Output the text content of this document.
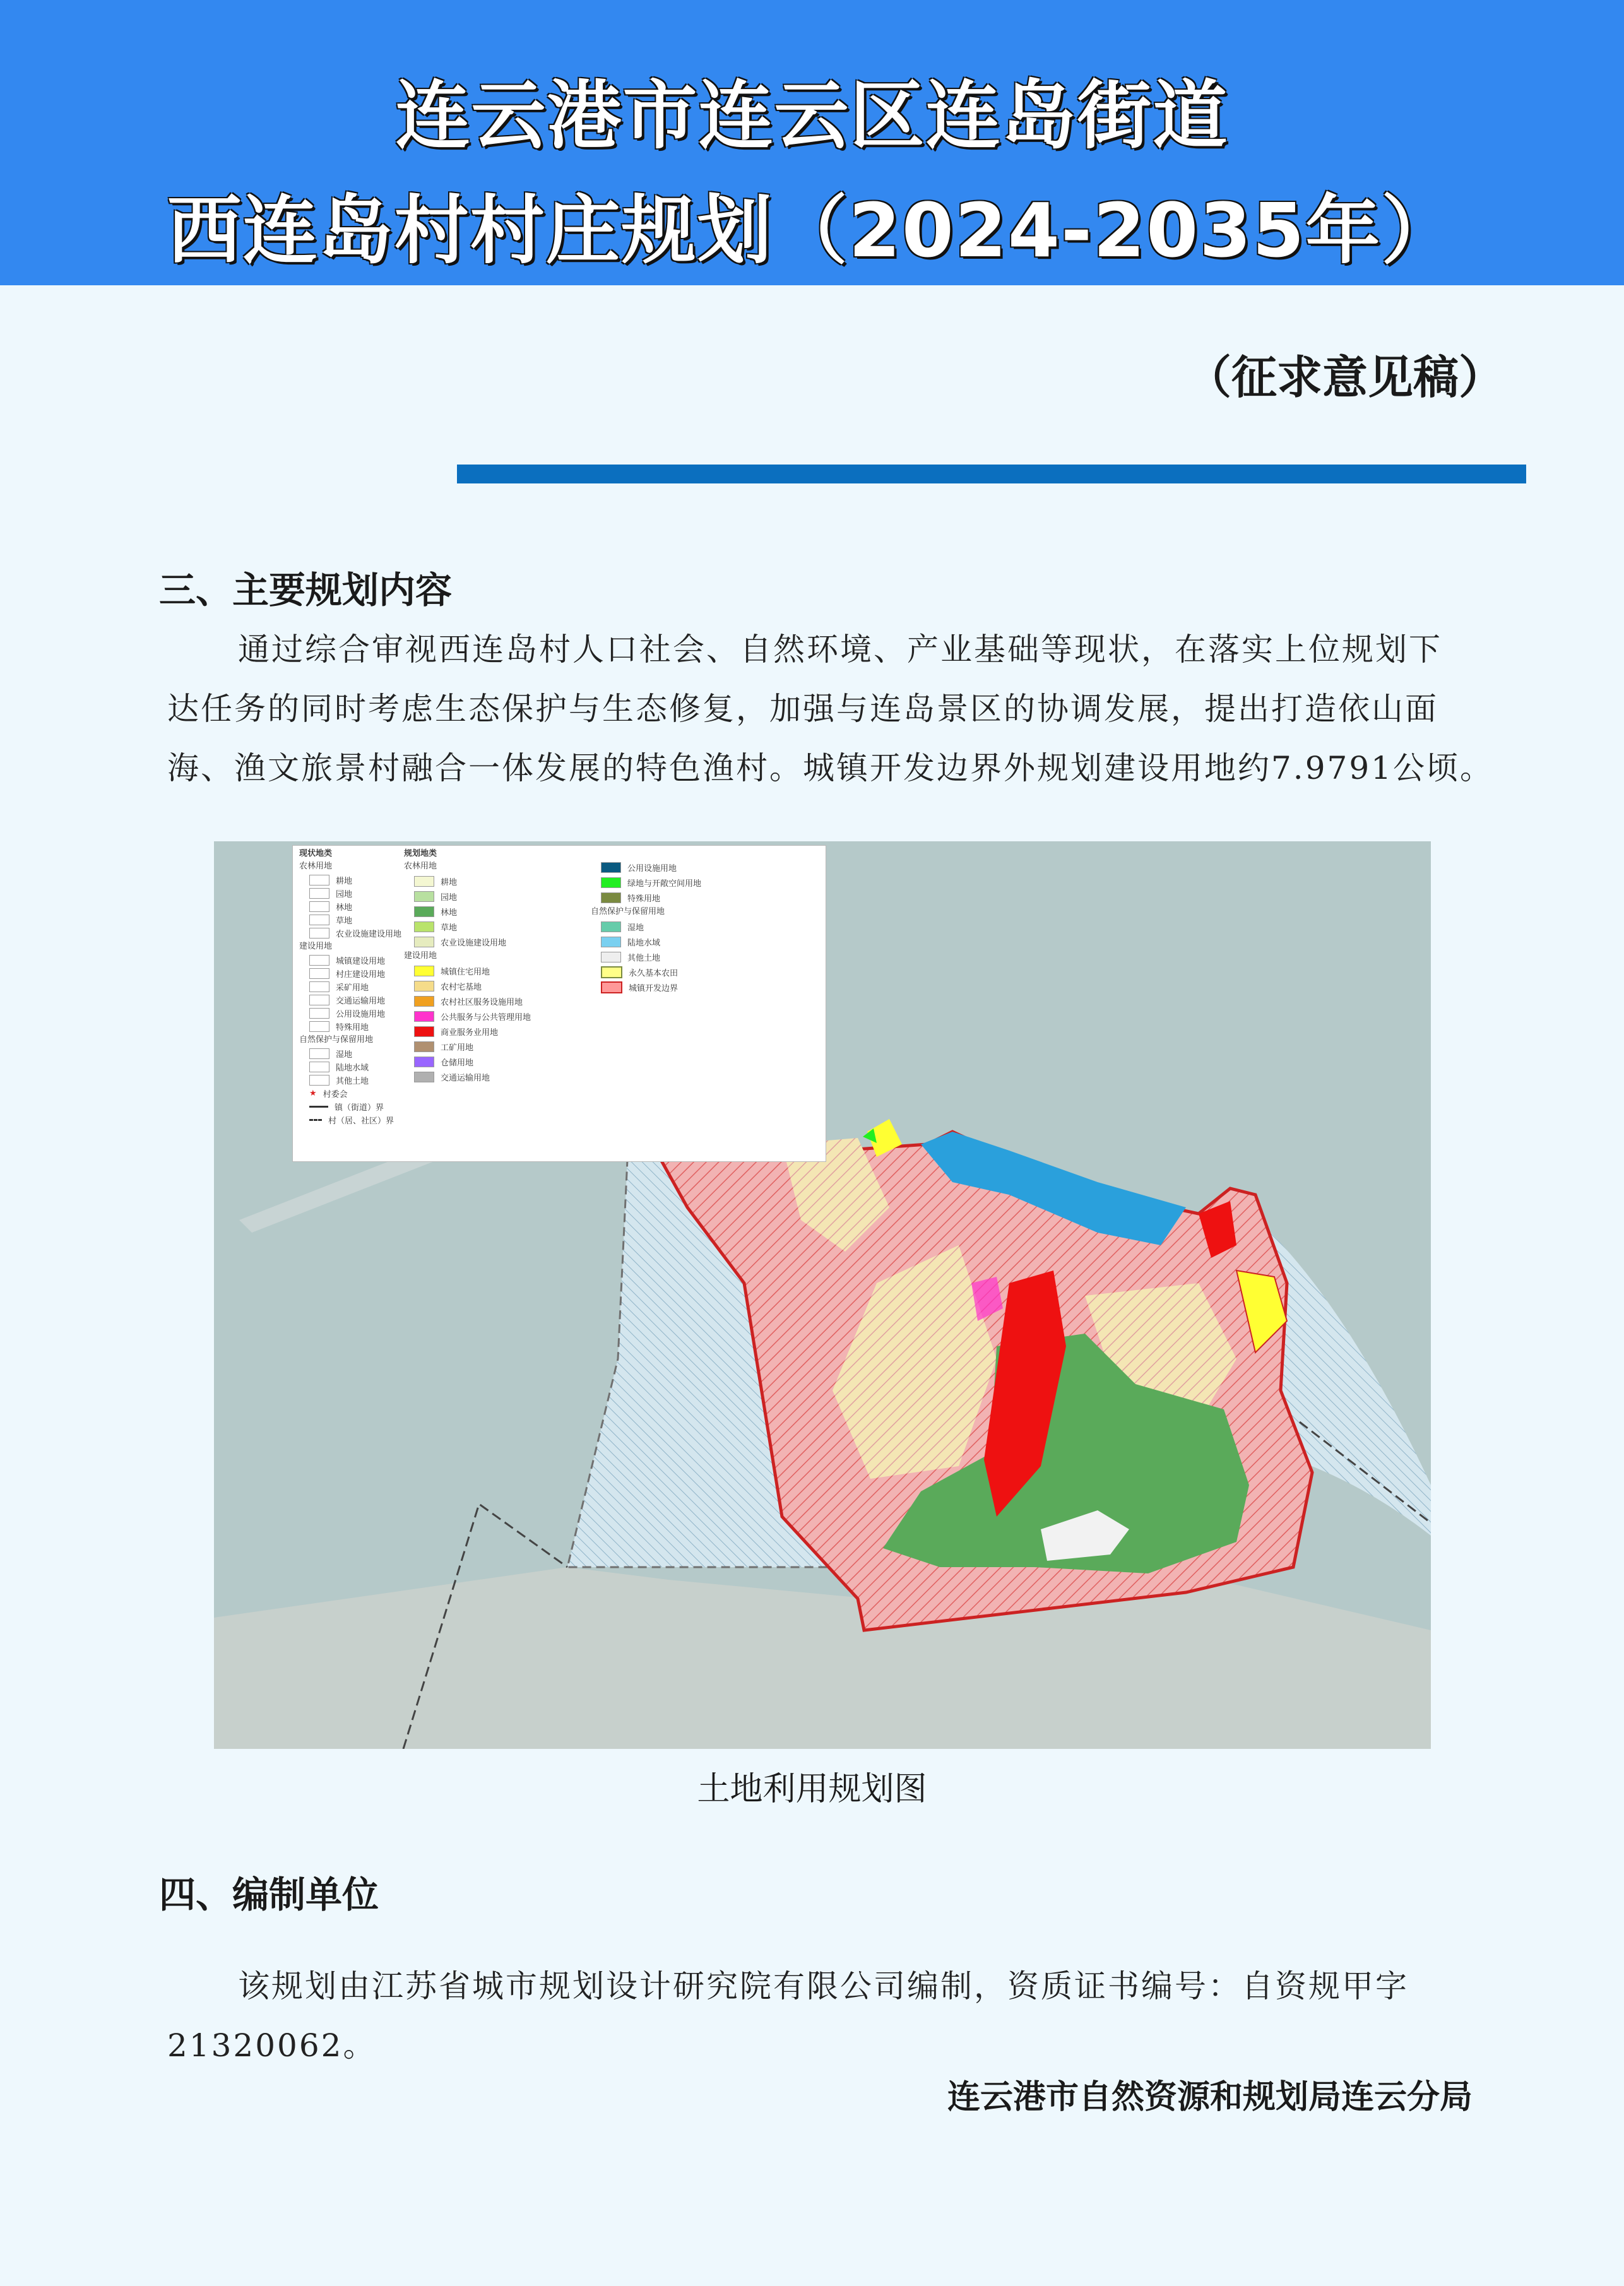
连云港市连云区连岛街道
西连岛村村庄规划（2024-2035年）
（征求意见稿）
三、主要规划内容
通过综合审视西连岛村人口社会、自然环境、产业基础等现状，在落实上位规划下
达任务的同时考虑生态保护与生态修复，加强与连岛景区的协调发展，提出打造依山面
海、渔文旅景村融合一体发展的特色渔村。城镇开发边界外规划建设用地约7.9791公顷。
现状地类
农林用地
耕地
园地
林地
草地
农业设施建设用地
建设用地
城镇建设用地
村庄建设用地
采矿用地
交通运输用地
公用设施用地
特殊用地
自然保护与保留用地
湿地
陆地水域
其他土地
★ 村委会
镇（街道）界
村（居、社区）界
规划地类
农林用地
耕地
园地
林地
草地
农业设施建设用地
建设用地
城镇住宅用地
农村宅基地
农村社区服务设施用地
公共服务与公共管理用地
商业服务业用地
工矿用地
仓储用地
交通运输用地
公用设施用地
绿地与开敞空间用地
特殊用地
自然保护与保留用地
湿地
陆地水域
其他土地
永久基本农田
城镇开发边界
土地利用规划图
四、编制单位
该规划由江苏省城市规划设计研究院有限公司编制，资质证书编号：自资规甲字
21320062。
连云港市自然资源和规划局连云分局
